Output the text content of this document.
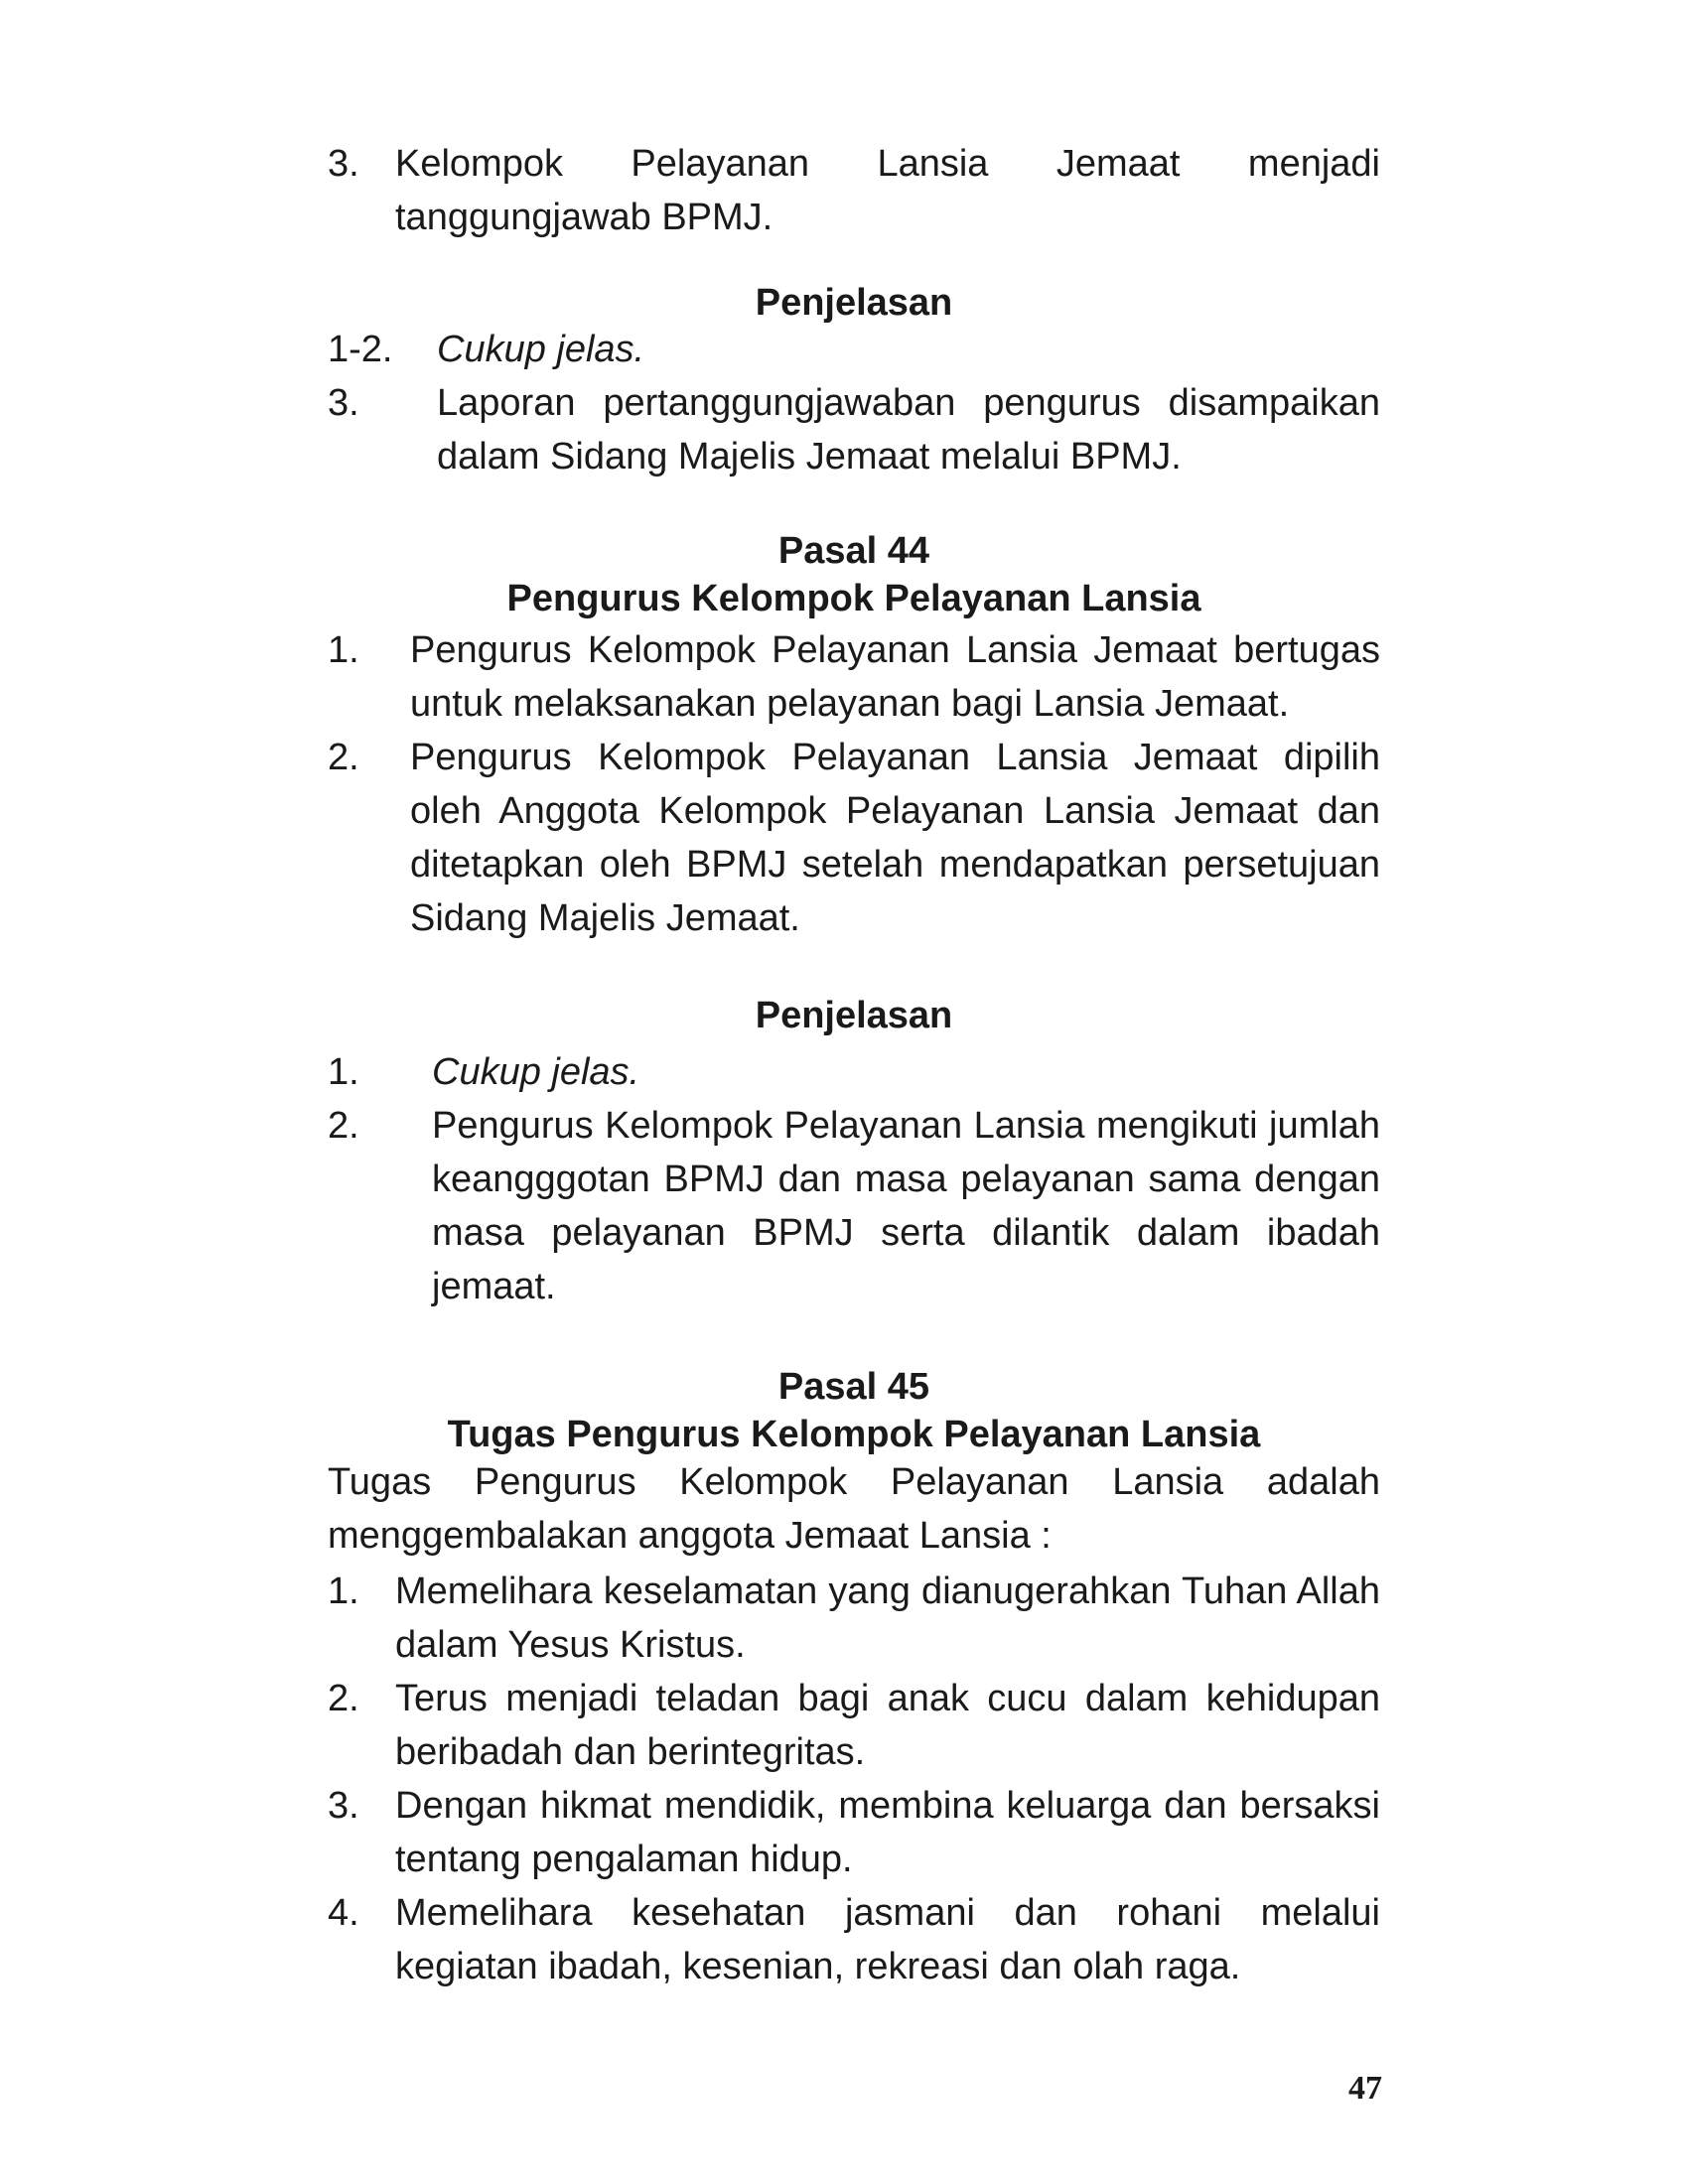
3. Kelompok Pelayanan Lansia Jemaat menjadi tanggungjawab BPMJ.
Penjelasan
1-2.	Cukup jelas.
3.	Laporan pertanggungjawaban pengurus disampaikan dalam Sidang Majelis Jemaat melalui BPMJ.
Pasal 44
Pengurus Kelompok Pelayanan Lansia
1.	Pengurus Kelompok Pelayanan Lansia Jemaat bertugas untuk melaksanakan pelayanan bagi Lansia Jemaat.
2.	Pengurus Kelompok Pelayanan Lansia Jemaat dipilih oleh Anggota Kelompok Pelayanan Lansia Jemaat dan ditetapkan oleh BPMJ setelah mendapatkan persetujuan Sidang Majelis Jemaat.
Penjelasan
1.	Cukup jelas.
2.	Pengurus Kelompok Pelayanan Lansia mengikuti jumlah keangggotan BPMJ dan masa pelayanan sama dengan masa pelayanan BPMJ serta dilantik dalam ibadah jemaat.
Pasal 45
Tugas Pengurus Kelompok Pelayanan Lansia
Tugas Pengurus Kelompok Pelayanan Lansia adalah menggembalakan anggota Jemaat Lansia :
1. Memelihara keselamatan yang dianugerahkan Tuhan Allah dalam Yesus Kristus.
2. Terus menjadi teladan bagi anak cucu dalam kehidupan beribadah dan berintegritas.
3. Dengan hikmat mendidik, membina keluarga dan bersaksi tentang pengalaman hidup.
4. Memelihara kesehatan jasmani dan rohani melalui kegiatan ibadah, kesenian, rekreasi dan olah raga.
47
